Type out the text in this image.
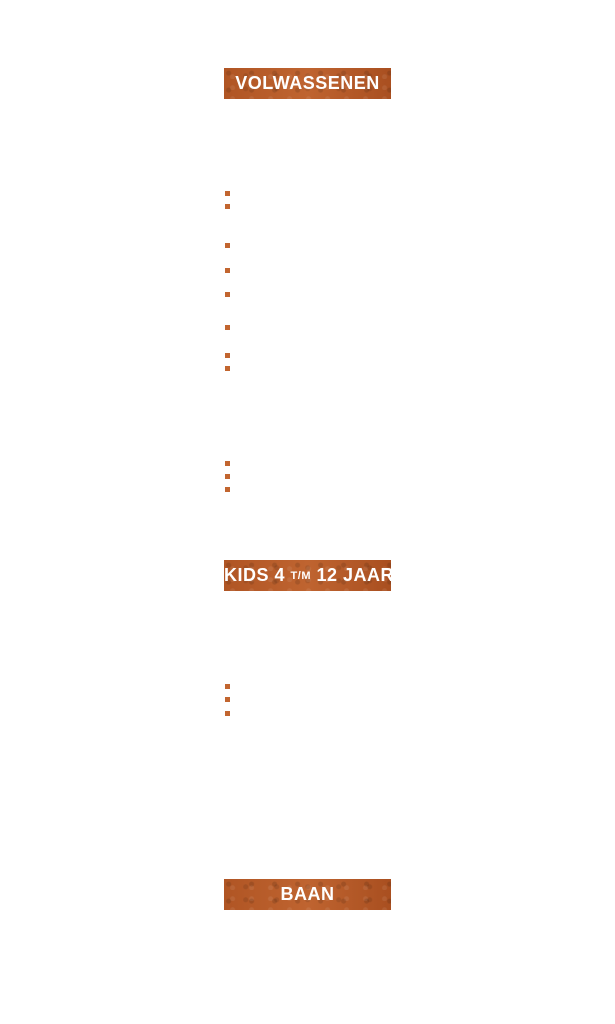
VOLWASSENEN
KIDS 4 T/M 12 JAAR
BAAN
